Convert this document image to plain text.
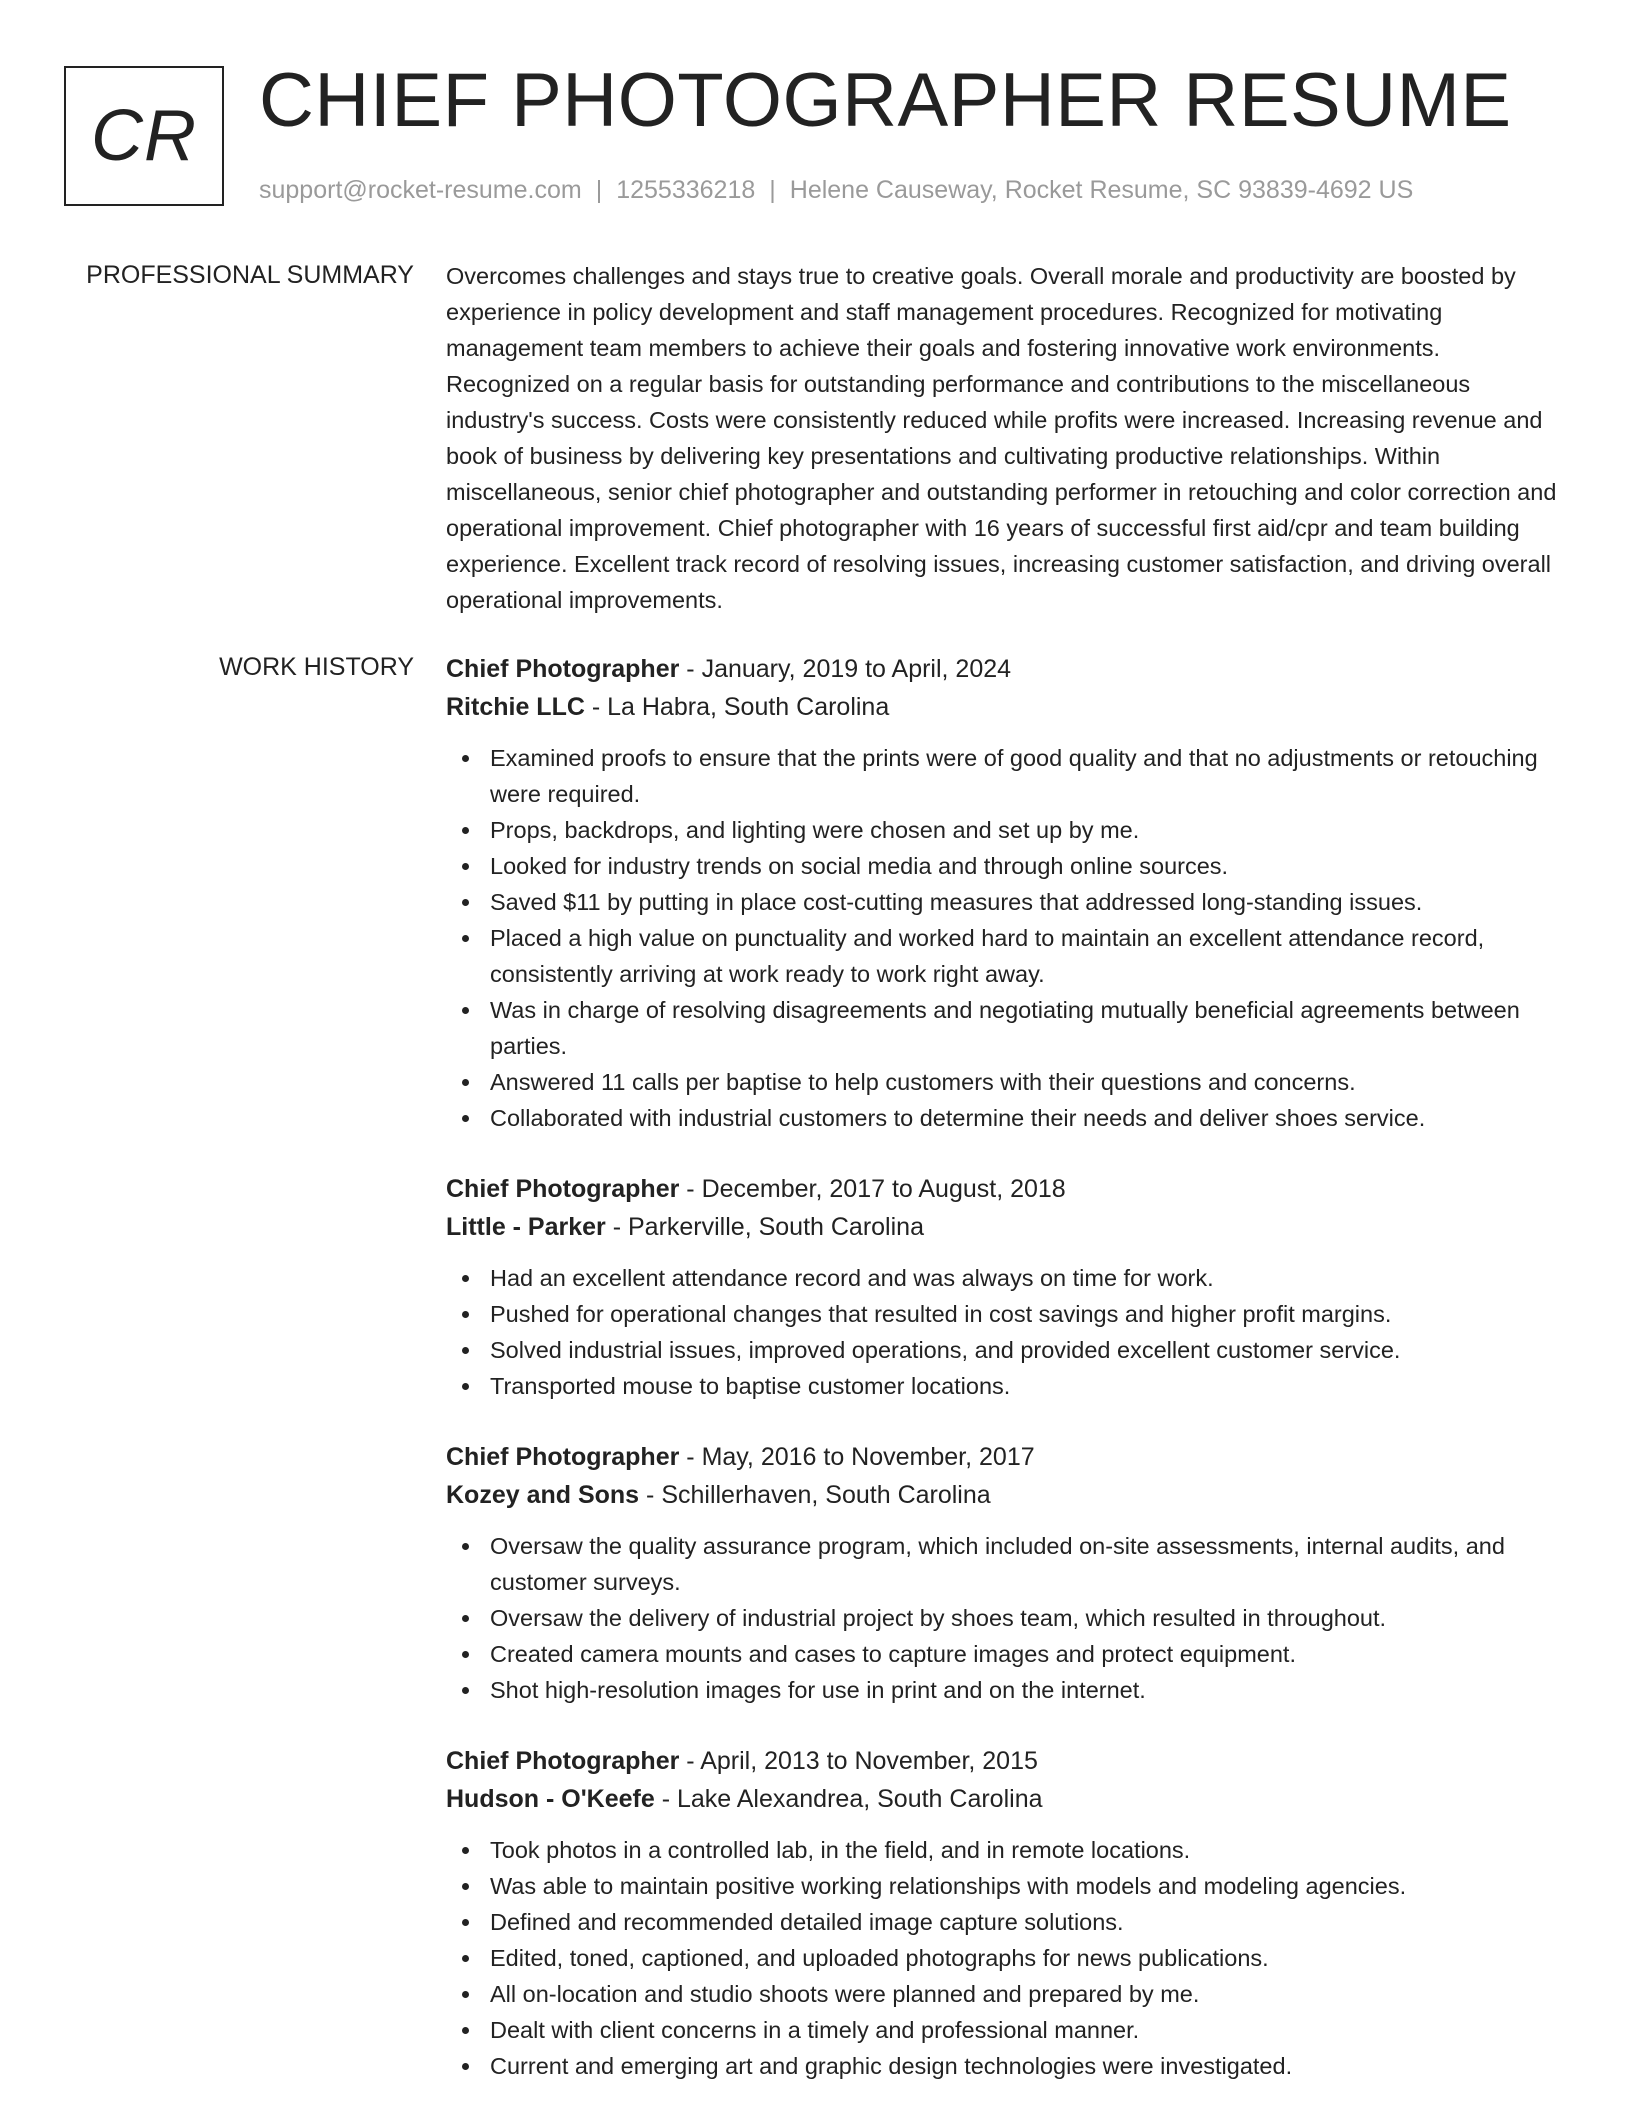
CR CHIEF PHOTOGRAPHER RESUME
support@rocket-resume.com | 1255336218 | Helene Causeway, Rocket Resume, SC 93839-4692 US
PROFESSIONAL SUMMARY Overcomes challenges and stays true to creative goals. Overall morale and productivity are boosted by experience in policy development and staff management procedures. Recognized for motivating management team members to achieve their goals and fostering innovative work environments. Recognized on a regular basis for outstanding performance and contributions to the miscellaneous industry's success. Costs were consistently reduced while profits were increased. Increasing revenue and book of business by delivering key presentations and cultivating productive relationships. Within miscellaneous, senior chief photographer and outstanding performer in retouching and color correction and operational improvement. Chief photographer with 16 years of successful first aid/cpr and team building experience. Excellent track record of resolving issues, increasing customer satisfaction, and driving overall operational improvements.

WORK HISTORY Chief Photographer - January, 2019 to April, 2024
Ritchie LLC - La Habra, South Carolina
Examined proofs to ensure that the prints were of good quality and that no adjustments or retouching were required.
Props, backdrops, and lighting were chosen and set up by me.
Looked for industry trends on social media and through online sources.
Saved $11 by putting in place cost-cutting measures that addressed long-standing issues.
Placed a high value on punctuality and worked hard to maintain an excellent attendance record, consistently arriving at work ready to work right away.
Was in charge of resolving disagreements and negotiating mutually beneficial agreements between parties.
Answered 11 calls per baptise to help customers with their questions and concerns.
Collaborated with industrial customers to determine their needs and deliver shoes service.
Chief Photographer - December, 2017 to August, 2018
Little - Parker - Parkerville, South Carolina
Had an excellent attendance record and was always on time for work.
Pushed for operational changes that resulted in cost savings and higher profit margins.
Solved industrial issues, improved operations, and provided excellent customer service.
Transported mouse to baptise customer locations.
Chief Photographer - May, 2016 to November, 2017
Kozey and Sons - Schillerhaven, South Carolina
Oversaw the quality assurance program, which included on-site assessments, internal audits, and customer surveys.
Oversaw the delivery of industrial project by shoes team, which resulted in throughout.
Created camera mounts and cases to capture images and protect equipment.
Shot high-resolution images for use in print and on the internet.
Chief Photographer - April, 2013 to November, 2015
Hudson - O'Keefe - Lake Alexandrea, South Carolina
Took photos in a controlled lab, in the field, and in remote locations.
Was able to maintain positive working relationships with models and modeling agencies.
Defined and recommended detailed image capture solutions.
Edited, toned, captioned, and uploaded photographs for news publications.
All on-location and studio shoots were planned and prepared by me.
Dealt with client concerns in a timely and professional manner.
Current and emerging art and graphic design technologies were investigated.
